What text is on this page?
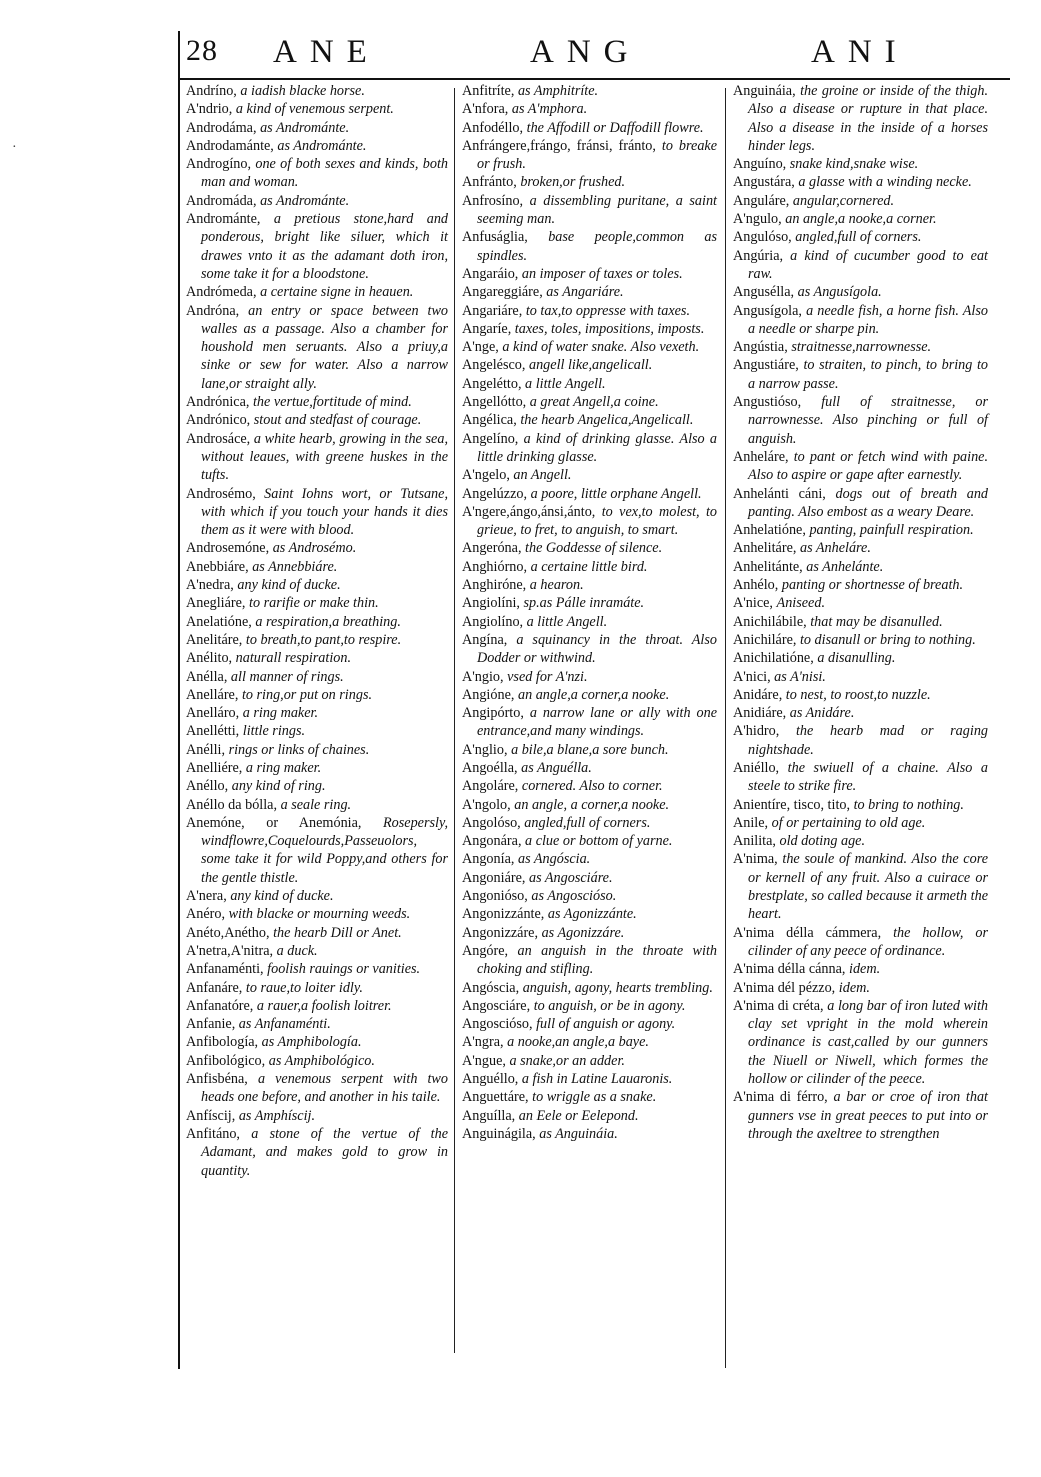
28 ANE	ANG	ANI
·
Andríno, a iadish blacke horse.
A'ndrio, a kind of venemous serpent.
Androdáma, as Andrománte.
Androdamánte, as Andrománte.
Androgíno, one of both sexes and kinds, both man and woman.
Andromáda, as Andrománte.
Andrománte, a pretious stone,hard and ponderous, bright like siluer, which it drawes vnto it as the adamant doth iron, some take it for a bloodstone.
Andrómeda, a certaine signe in heauen.
Andróna, an entry or space between two walles as a passage. Also a chamber for houshold men seruants. Also a priuy,a sinke or sew for water. Also a narrow lane,or straight ally.
Andrónica, the vertue,fortitude of mind.
Andrónico, stout and stedfast of courage.
Androsáce, a white hearb, growing in the sea, without leaues, with greene huskes in the tufts.
Androsémo, Saint Iohns wort, or Tutsane, with which if you touch your hands it dies them as it were with blood.
Androsemóne, as Androsémo.
Anebbiáre, as Annebbiáre.
A'nedra, any kind of ducke.
Anegliáre, to rarifie or make thin.
Anelatióne, a respiration,a breathing.
Anelitáre, to breath,to pant,to respire.
Anélito, naturall respiration.
Anélla, all manner of rings.
Anelláre, to ring,or put on rings.
Anelláro, a ring maker.
Anellétti, little rings.
Anélli, rings or links of chaines.
Anelliére, a ring maker.
Anéllo, any kind of ring.
Anéllo da bólla, a seale ring.
Anemóne, or Anemónia, Rosepersly, windflowre,Coquelourds,Passeuolors, some take it for wild Poppy,and others for the gentle thistle.
A'nera, any kind of ducke.
Anéro, with blacke or mourning weeds.
Anéto,Anétho, the hearb Dill or Anet.
A'netra,A'nitra, a duck.
Anfanaménti, foolish rauings or vanities.
Anfanáre, to raue,to loiter idly.
Anfanatóre, a rauer,a foolish loitrer.
Anfanie, as Anfanaménti.
Anfibología, as Amphibología.
Anfibológico, as Amphibológico.
Anfisbéna, a venemous serpent with two heads one before, and another in his taile.
Anfíscij, as Amphíscij.
Anfitáno, a stone of the vertue of the Adamant, and makes gold to grow in quantity.
Anfitríte, as Amphitríte.
A'nfora, as A'mphora.
Anfodéllo, the Affodill or Daffodill flowre.
Anfrángere,frángo, fránsi, fránto, to breake or frush.
Anfránto, broken,or frushed.
Anfrosíno, a dissembling puritane, a saint seeming man.
Anfuságlia, base people,common as spindles.
Angaráio, an imposer of taxes or toles.
Angareggiáre, as Angariáre.
Angariáre, to tax,to oppresse with taxes.
Angaríe, taxes, toles, impositions, imposts.
A'nge, a kind of water snake. Also vexeth.
Angelésco, angell like,angelicall.
Angelétto, a little Angell.
Angellótto, a great Angell,a coine.
Angélica, the hearb Angelica,Angelicall.
Angelíno, a kind of drinking glasse. Also a little drinking glasse.
A'ngelo, an Angell.
Angelúzzo, a poore, little orphane Angell.
A'ngere,ángo,ánsi,ánto, to vex,to molest, to grieue, to fret, to anguish, to smart.
Angeróna, the Goddesse of silence.
Anghiórno, a certaine little bird.
Anghiróne, a hearon.
Angiolíni, sp.as Pálle inramáte.
Angiolíno, a little Angell.
Angína, a squinancy in the throat. Also Dodder or withwind.
A'ngio, vsed for A'nzi.
Angióne, an angle,a corner,a nooke.
Angipórto, a narrow lane or ally with one entrance,and many windings.
A'nglio, a bile,a blane,a sore bunch.
Angoélla, as Anguélla.
Angoláre, cornered. Also to corner.
A'ngolo, an angle, a corner,a nooke.
Angolóso, angled,full of corners.
Angonára, a clue or bottom of yarne.
Angonía, as Angóscia.
Angoniáre, as Angosciáre.
Angonióso, as Angoscióso.
Angonizzánte, as Agonizzánte.
Angonizzáre, as Agonizzáre.
Angóre, an anguish in the throate with choking and stifling.
Angóscia, anguish, agony, hearts trembling.
Angosciáre, to anguish, or be in agony.
Angoscióso, full of anguish or agony.
A'ngra, a nooke,an angle,a baye.
A'ngue, a snake,or an adder.
Anguéllo, a fish in Latine Lauaronis.
Anguettáre, to wriggle as a snake.
Anguílla, an Eele or Eelepond.
Anguinágila, as Anguináia.
Anguináia, the groine or inside of the thigh. Also a disease or rupture in that place. Also a disease in the inside of a horses hinder legs.
Anguíno, snake kind,snake wise.
Angustára, a glasse with a winding necke.
Anguláre, angular,cornered.
A'ngulo, an angle,a nooke,a corner.
Angulóso, angled,full of corners.
Angúria, a kind of cucumber good to eat raw.
Angusélla, as Angusígola.
Angusígola, a needle fish, a horne fish. Also a needle or sharpe pin.
Angústia, straitnesse,narrownesse.
Angustiáre, to straiten, to pinch, to bring to a narrow passe.
Angustióso, full of straitnesse, or narrownesse. Also pinching or full of anguish.
Anheláre, to pant or fetch wind with paine. Also to aspire or gape after earnestly.
Anhelánti cáni, dogs out of breath and panting. Also embost as a weary Deare.
Anhelatióne, panting, painfull respiration.
Anhelitáre, as Anheláre.
Anhelitánte, as Anhelánte.
Anhélo, panting or shortnesse of breath.
A'nice, Aniseed.
Anichilábile, that may be disanulled.
Anichiláre, to disanull or bring to nothing.
Anichilatióne, a disanulling.
A'nici, as A'nisi.
Anidáre, to nest, to roost,to nuzzle.
Anidiáre, as Anidáre.
A'hidro, the hearb mad or raging nightshade.
Aniéllo, the swiuell of a chaine. Also a steele to strike fire.
Anientíre, tisco, tito, to bring to nothing.
Anile, of or pertaining to old age.
Anilita, old doting age.
A'nima, the soule of mankind. Also the core or kernell of any fruit. Also a cuirace or brestplate, so called because it armeth the heart.
A'nima délla cámmera, the hollow, or cilinder of any peece of ordinance.
A'nima délla cánna, idem.
A'nima dél pézzo, idem.
A'nima di créta, a long bar of iron luted with clay set vpright in the mold wherein ordinance is cast,called by our gunners the Niuell or Niwell, which formes the hollow or cilinder of the peece.
A'nima di férro, a bar or croe of iron that gunners vse in great peeces to put into or through the axeltree to strengthen
